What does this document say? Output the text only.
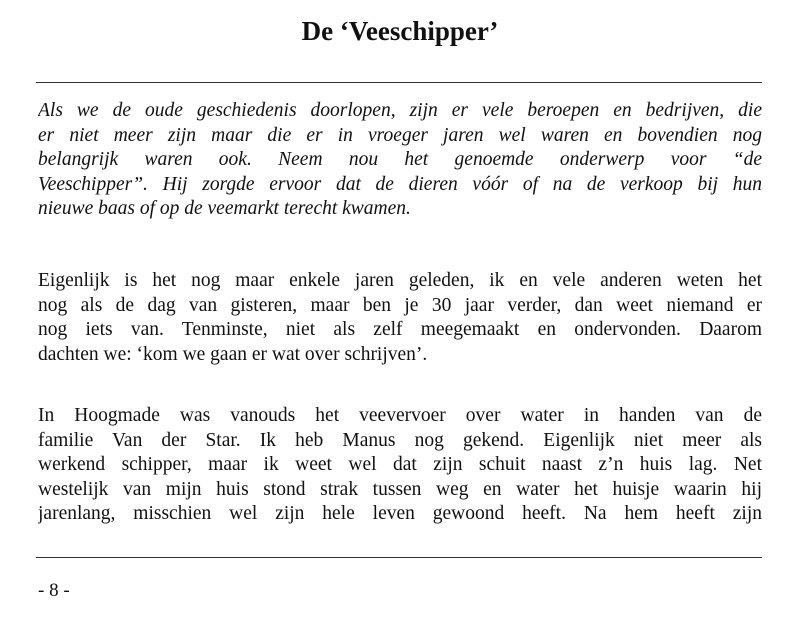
De ‘Veeschipper’
Als we de oude geschiedenis doorlopen, zijn er vele beroepen en bedrijven, die
er niet meer zijn maar die er in vroeger jaren wel waren en bovendien nog
belangrijk waren ook. Neem nou het genoemde onderwerp voor “de
Veeschipper”. Hij zorgde ervoor dat de dieren vóór of na de verkoop bij hun
nieuwe baas of op de veemarkt terecht kwamen.
Eigenlijk is het nog maar enkele jaren geleden, ik en vele anderen weten het
nog als de dag van gisteren, maar ben je 30 jaar verder, dan weet niemand er
nog iets van. Tenminste, niet als zelf meegemaakt en ondervonden. Daarom
dachten we: ‘kom we gaan er wat over schrijven’.
In Hoogmade was vanouds het veevervoer over water in handen van de
familie Van der Star. Ik heb Manus nog gekend. Eigenlijk niet meer als
werkend schipper, maar ik weet wel dat zijn schuit naast z’n huis lag. Net
westelijk van mijn huis stond strak tussen weg en water het huisje waarin hij
jarenlang, misschien wel zijn hele leven gewoond heeft. Na hem heeft zijn

- 8 -
